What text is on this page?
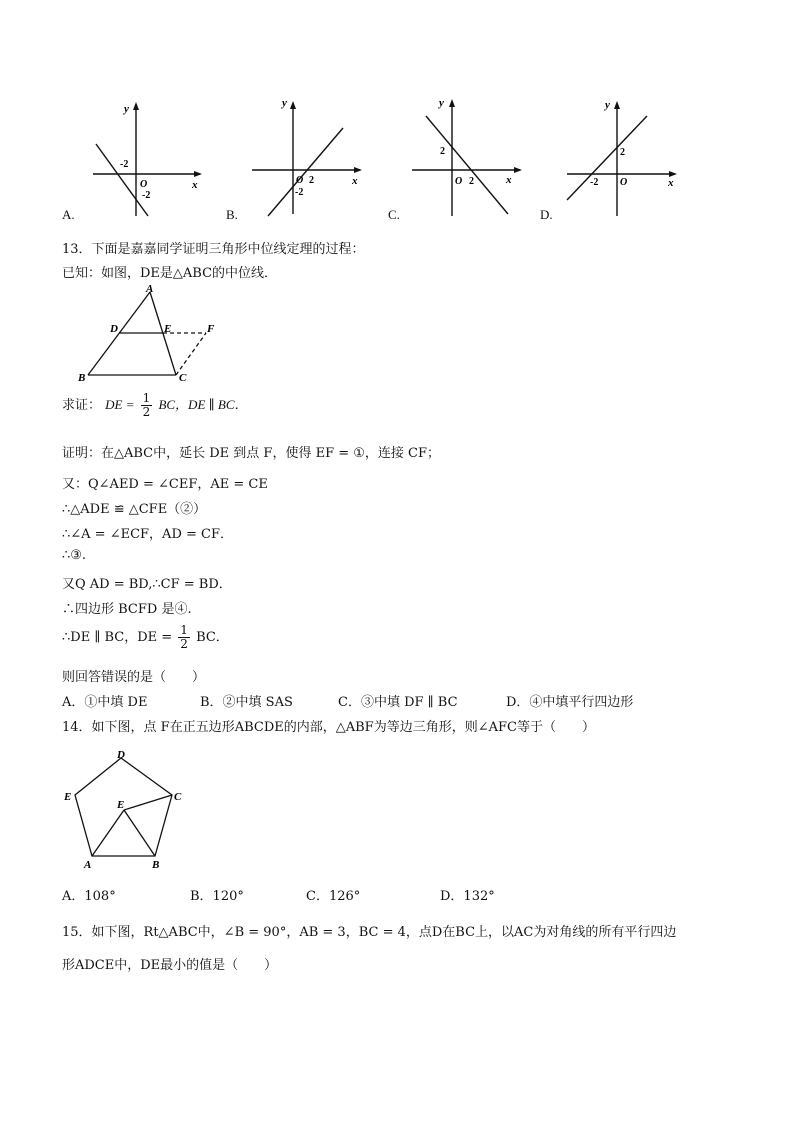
y
x
-2
O
-2
A.
y
x
O 2
-2
B.
y
x
2
O 2
C.
y
x
2
-2 O
D.
13．下面是嘉嘉同学证明三角形中位线定理的过程：
已知：如图，DE是△ABC的中位线．
A
B	C
D	E	F
求证： DE = $\frac{1}{2}$ BC，DE ∥ BC．
证明：在△ABC中，延长 DE 到点 F，使得 EF = ①，连接 CF；
又：Q∠AED = ∠CEF，AE = CE
∴△ADE ≌ △CFE（②）
∴∠A = ∠ECF，AD = CF．
∴③.
又Q AD = BD,∴CF = BD．
∴四边形 BCFD 是④.
∴DE ∥ BC，DE = $\frac{1}{2}$ BC．
则回答错误的是（　　）
A．①中填 DE	B．②中填 SAS	C．③中填 DF ∥ BC	D．④中填平行四边形
14．如下图，点 F在正五边形ABCDE的内部，△ABF为等边三角形，则∠AFC等于（　　）
D
E	C
E
A	B
A．108°	B．120°	C．126°	D．132°
15．如下图，Rt△ABC中，∠B = 90°，AB = 3，BC = 4，点D在BC上，以AC为对角线的所有平行四边
形ADCE中，DE最小的值是（　　）
